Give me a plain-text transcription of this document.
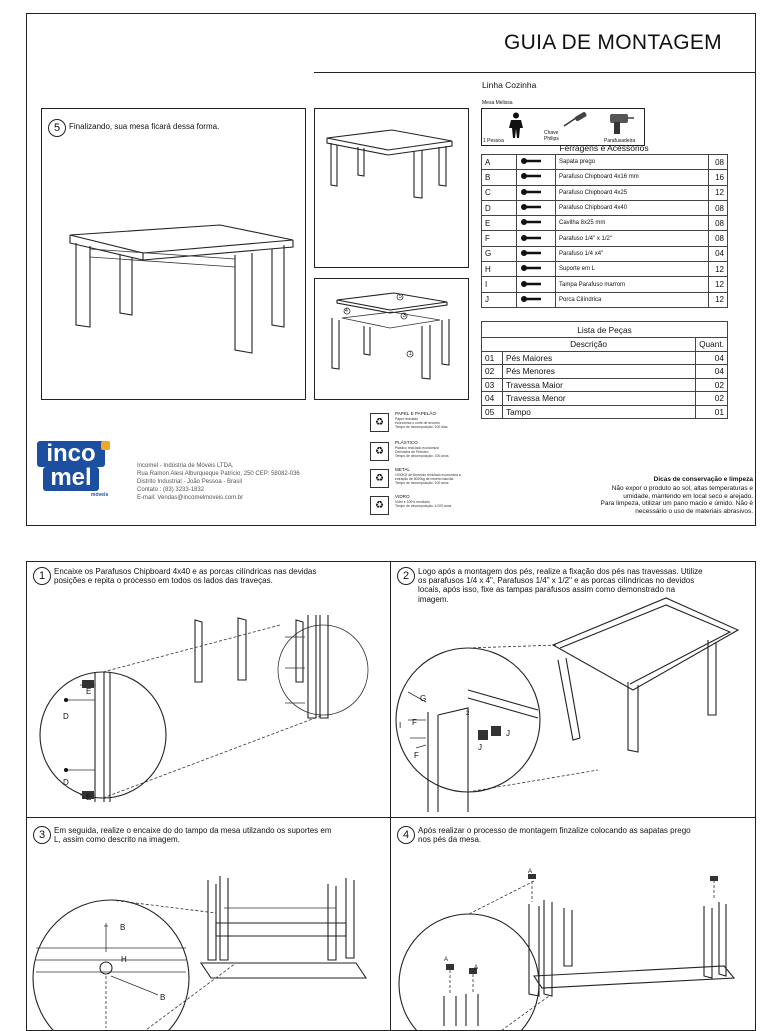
GUIA DE MONTAGEM
Linha Cozinha
Mesa Melissa
1 Pessoa
Chave Philips	Parafusadeira
Ferragens e Acessórios
A		Sapata prego	08
B		Parafuso Chipboard 4x16 mm	16
C		Parafuso Chipboard 4x25	12
D		Parafuso Chipboard 4x40	08
E		Cavilha 8x25 mm	08
F		Parafuso 1/4" x 1/2"	08
G		Parafuso 1/4 x4"	04
H		Suporte em L	12
I		Tampa Parafuso marrom	12
J		Porca Cilíndrica	12
Lista de Peças		
Descrição		Quant.
01	Pés Maiores	04
02	Pés Menores	04
03	Travessa Maior	02
04	Travessa Menor	02
05	Tampo	01
5	Finalizando, sua mesa ficará dessa forma.
5
4
3
1
♻
PAPEL E PAPELÃO
Papel reciclado
economiza o corte de árvores
Tempo de decomposição: 100 dias
♻
PLÁSTICO
Plástico reciclado economiza
Derivados de Petróleo
Tempo de decomposição: 100 anos
♻
METAL
1000KG de Alumínio reciclado economiza a
extração de 5000kg de minério bauxita
Tempo de decomposição: 100 anos
♻
VIDRO
Vidro é 100% reciclado
Tempo de decomposição: 4.000 anos
inco
mel
móveis
Incomel - Indústria de Móveis LTDA.
Rua Ramon Alesi Alburqueque Patricio, 250 CEP: 58082-036
Distrito Industrial - João Pessoa - Brasil
Contato : (83) 3233-1832
E-mail: Vendas@incomelmoveis.com.br
Dicas de conservação e limpeza
Não expor o produto ao sol, altas temperaturas e
umidade, mantendo em local seco e arejado.
Para limpeza, utilizar um pano macio e úmido. Não é
necessário o uso de materiais abrasivos.
1	Encaixe os Parafusos Chipboard 4x40 e as porcas cilíndricas nas devidas
posições e repita o processo em todos os lados das traveças.	2	Logo após a montagem dos pés, realize a fixação dos pés nas travessas. Utilize
os parafusos 1/4 x 4", Parafusos 1/4" x 1/2" e as porcas cilíndricas no devidos
locais, após isso, fixe as tampas parafusos assim como demonstrado na
imagem.
3	Em seguida, realize o encaixe do do tampo da mesa utilzando os suportes em
L, assim como descrito na imagem.	4	Após realizar o processo de montagem finzalize colocando as sapatas prego
nos pés da mesa.
E
D
D
E
G
I F
F
J
J
2
B
H
B
A
A
A
